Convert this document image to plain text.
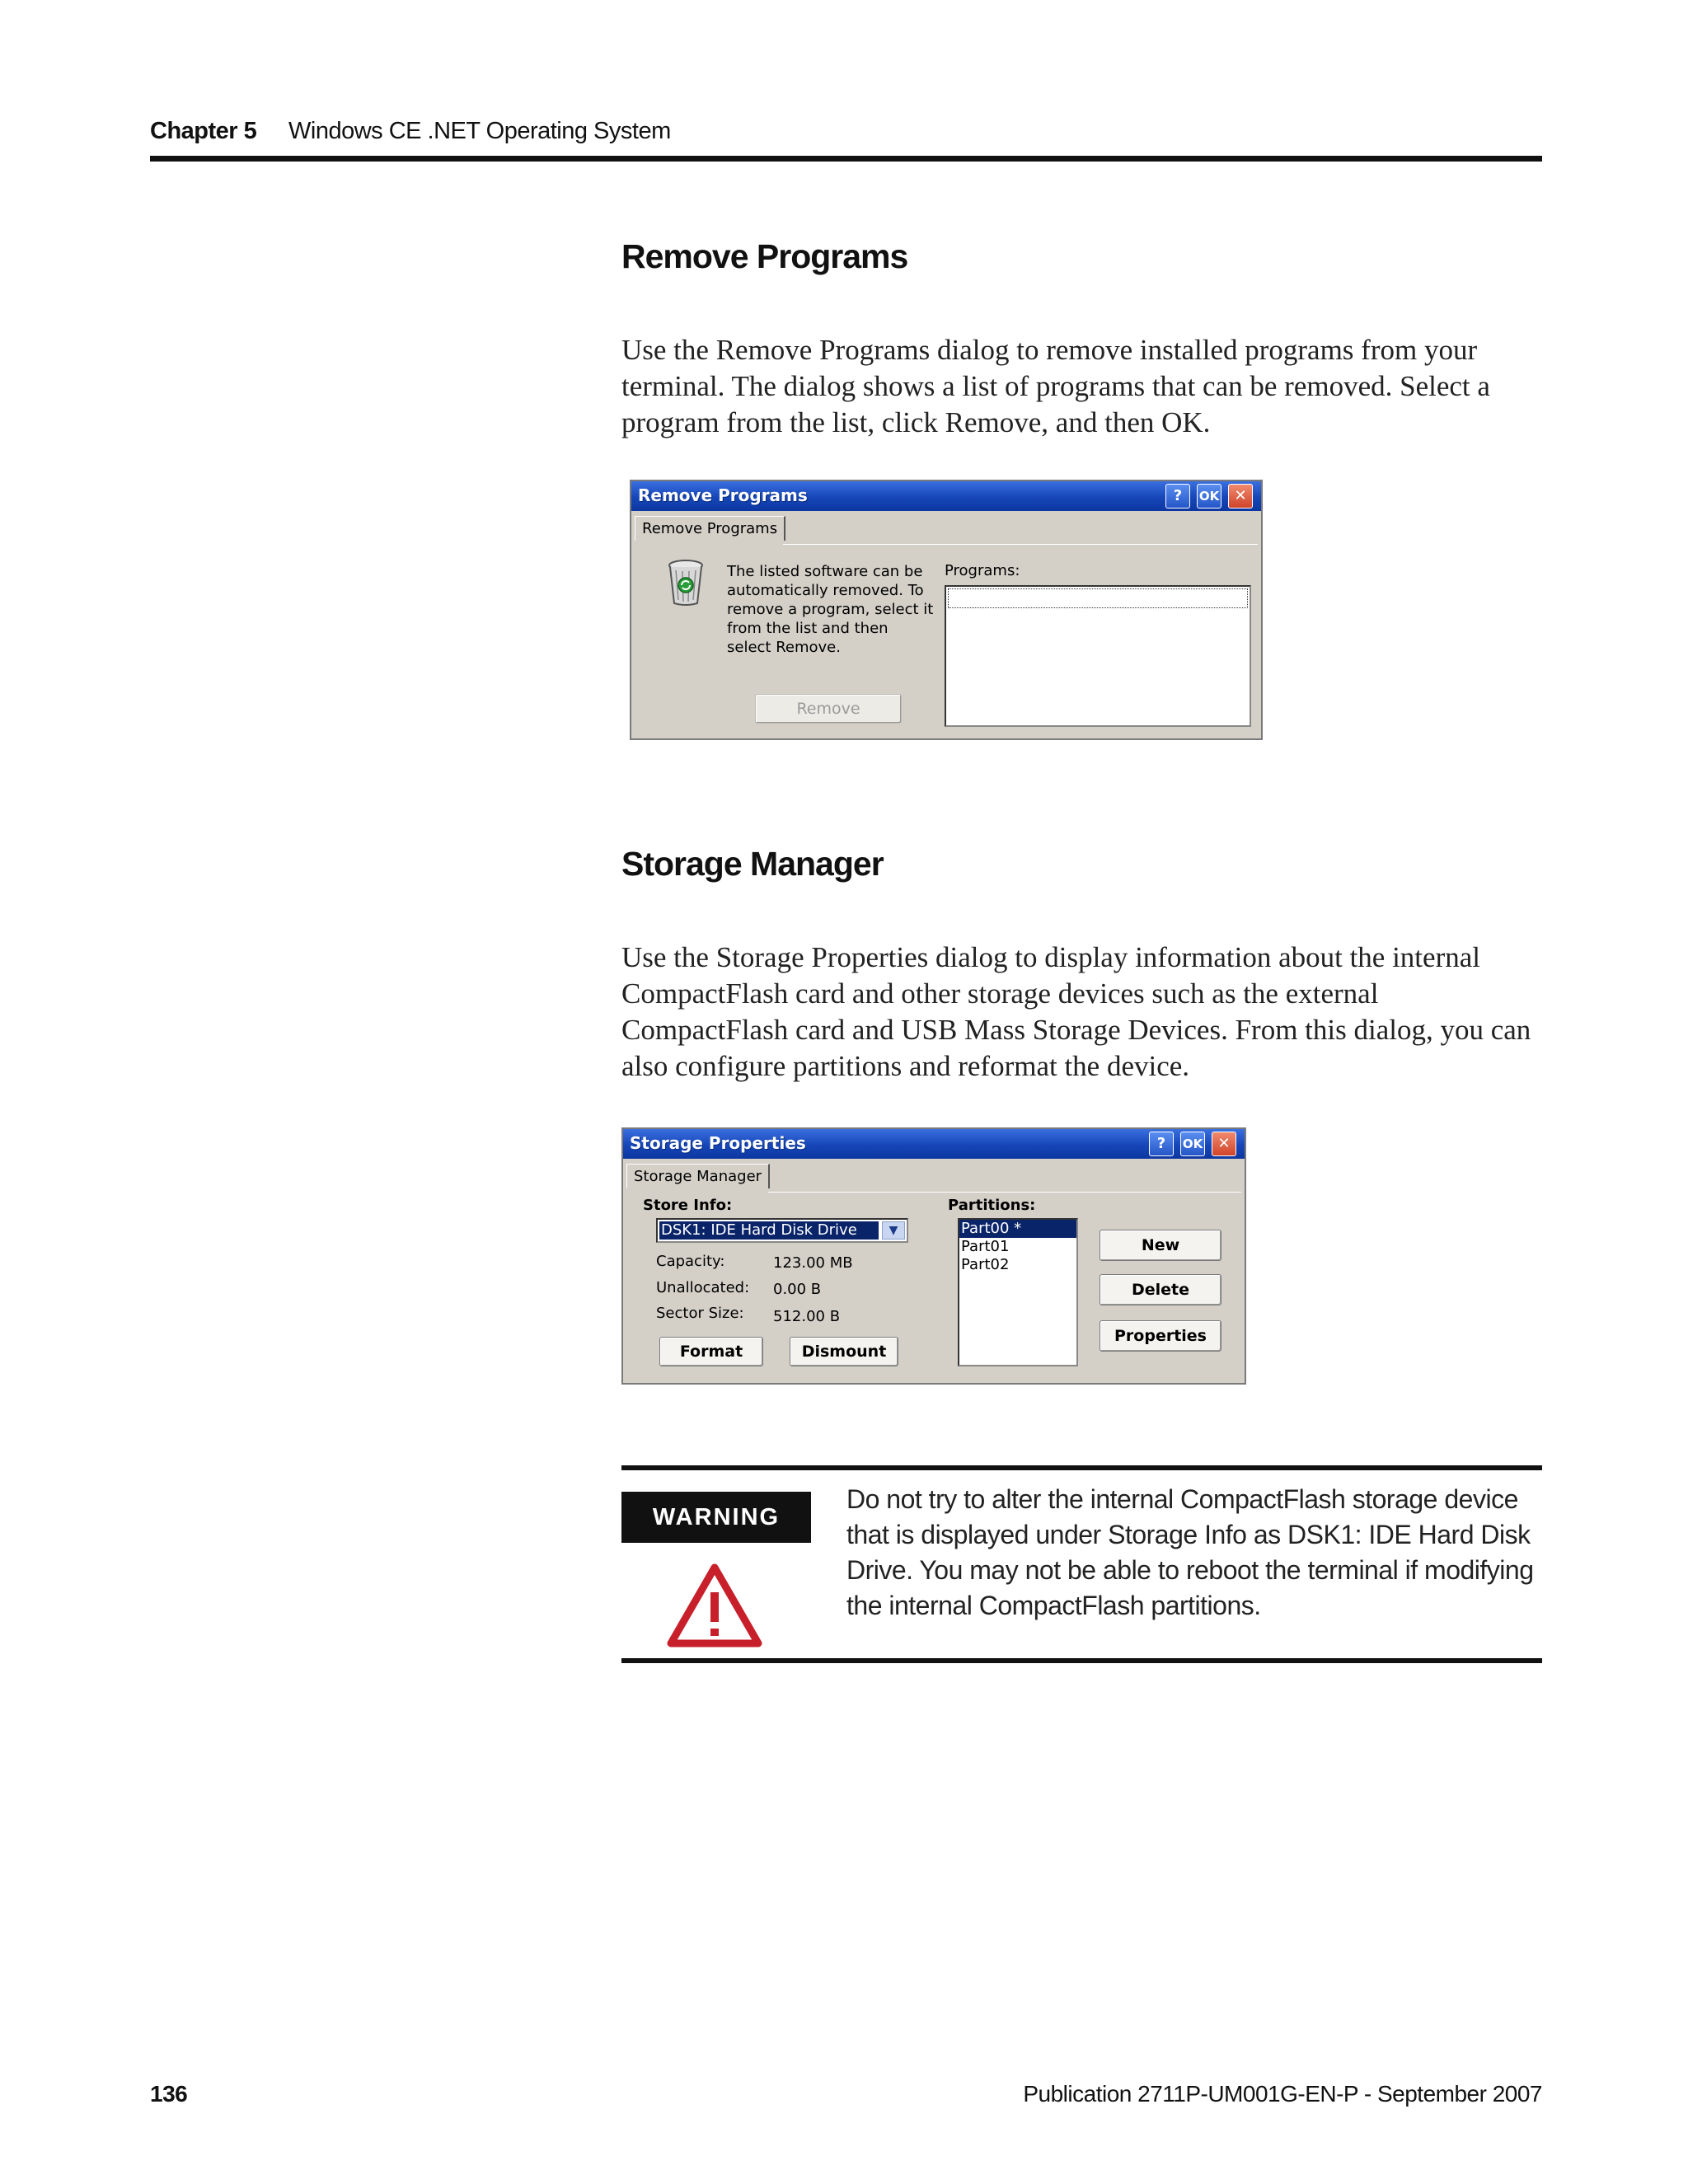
Chapter 5 Windows CE .NET Operating System
Remove Programs
Use the Remove Programs dialog to remove installed programs from your terminal. The dialog shows a list of programs that can be removed. Select a program from the list, click Remove, and then OK.
Remove Programs	?	OK	✕
Remove Programs
The listed software can be
automatically removed. To
remove a program, select it
from the list and then
select Remove.
Programs:
Remove
Storage Manager
Use the Storage Properties dialog to display information about the internal CompactFlash card and other storage devices such as the external CompactFlash card and USB Mass Storage Devices. From this dialog, you can also configure partitions and reformat the device.
Storage Properties	?	OK	✕
Storage Manager
Store Info:
DSK1: IDE Hard Disk Drive	▼
Capacity:	123.00 MB
Unallocated: 0.00 B
Sector Size: 512.00 B
Format	Dismount
Partitions:
Part00 *
Part01
Part02
New
Delete
Properties
WARNING
Do not try to alter the internal CompactFlash storage device that is displayed under Storage Info as DSK1: IDE Hard Disk Drive. You may not be able to reboot the terminal if modifying the internal CompactFlash partitions.
136	Publication 2711P-UM001G-EN-P - September 2007
